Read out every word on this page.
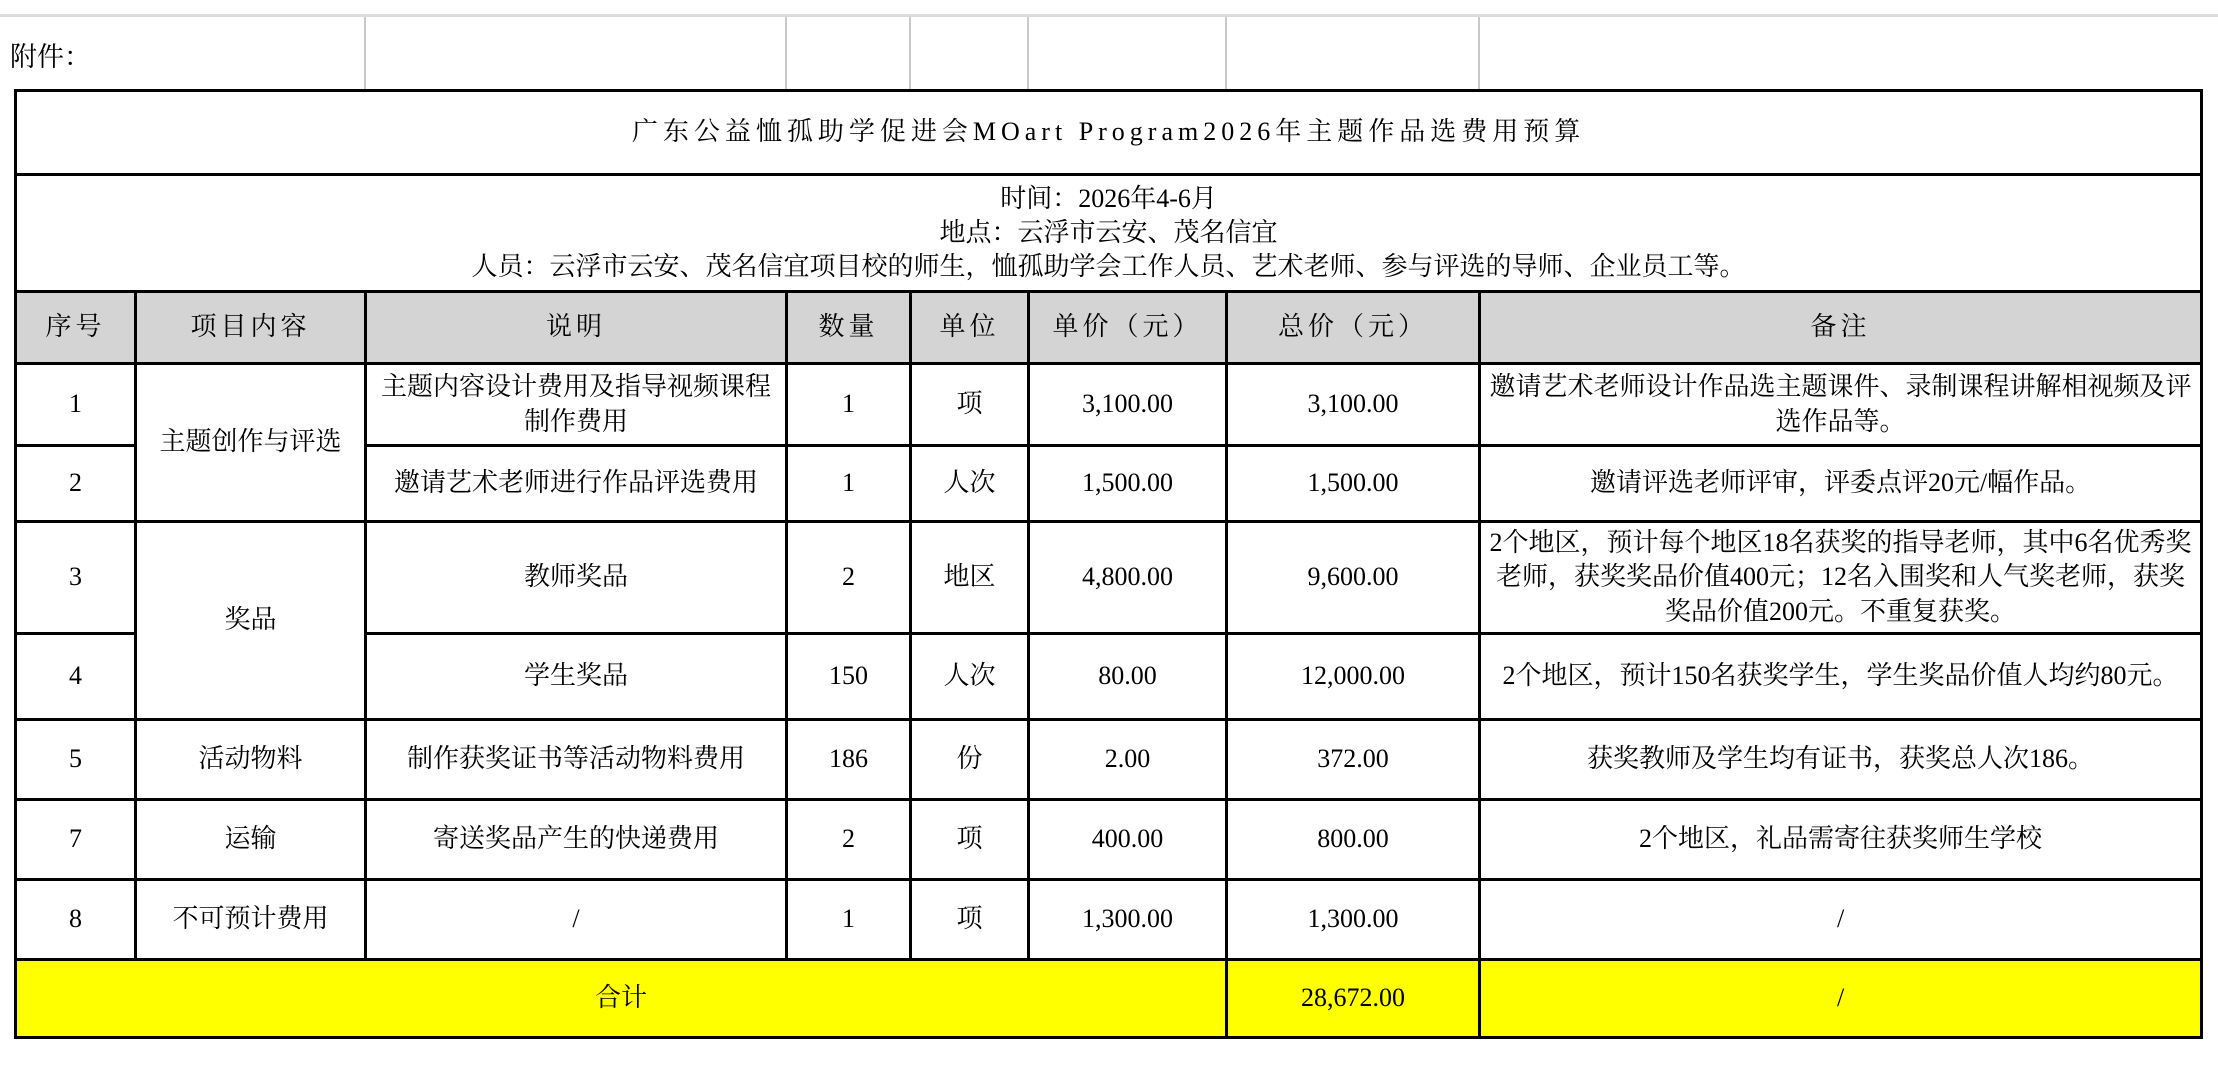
附件：
广东公益恤孤助学促进会MOart Program2026年主题作品选费用预算							

时间：2026年4-6月
地点：云浮市云安、茂名信宜
人员：云浮市云安、茂名信宜项目校的师生，恤孤助学会工作人员、艺术老师、参与评选的导师、企业员工等。							

序号	项目内容	说明	数量	单位	单价（元）	总价（元）	备注
1	主题创作与评选	主题内容设计费用及指导视频课程制作费用	1	项	3,100.00	3,100.00	邀请艺术老师设计作品选主题课件、录制课程讲解相视频及评选作品等。
2		邀请艺术老师进行作品评选费用	1	人次	1,500.00	1,500.00	邀请评选老师评审，评委点评20元/幅作品。
3	奖品	教师奖品	2	地区	4,800.00	9,600.00	2个地区，预计每个地区18名获奖的指导老师，其中6名优秀奖老师，获奖奖品价值400元；12名入围奖和人气奖老师，获奖奖品价值200元。不重复获奖。
4		学生奖品	150	人次	80.00	12,000.00	2个地区，预计150名获奖学生，学生奖品价值人均约80元。
5	活动物料	制作获奖证书等活动物料费用	186	份	2.00	372.00	获奖教师及学生均有证书，获奖总人次186。
7	运输	寄送奖品产生的快递费用	2	项	400.00	800.00	2个地区，礼品需寄往获奖师生学校
8	不可预计费用	/	1	项	1,300.00	1,300.00	/
合计						28,672.00	/
